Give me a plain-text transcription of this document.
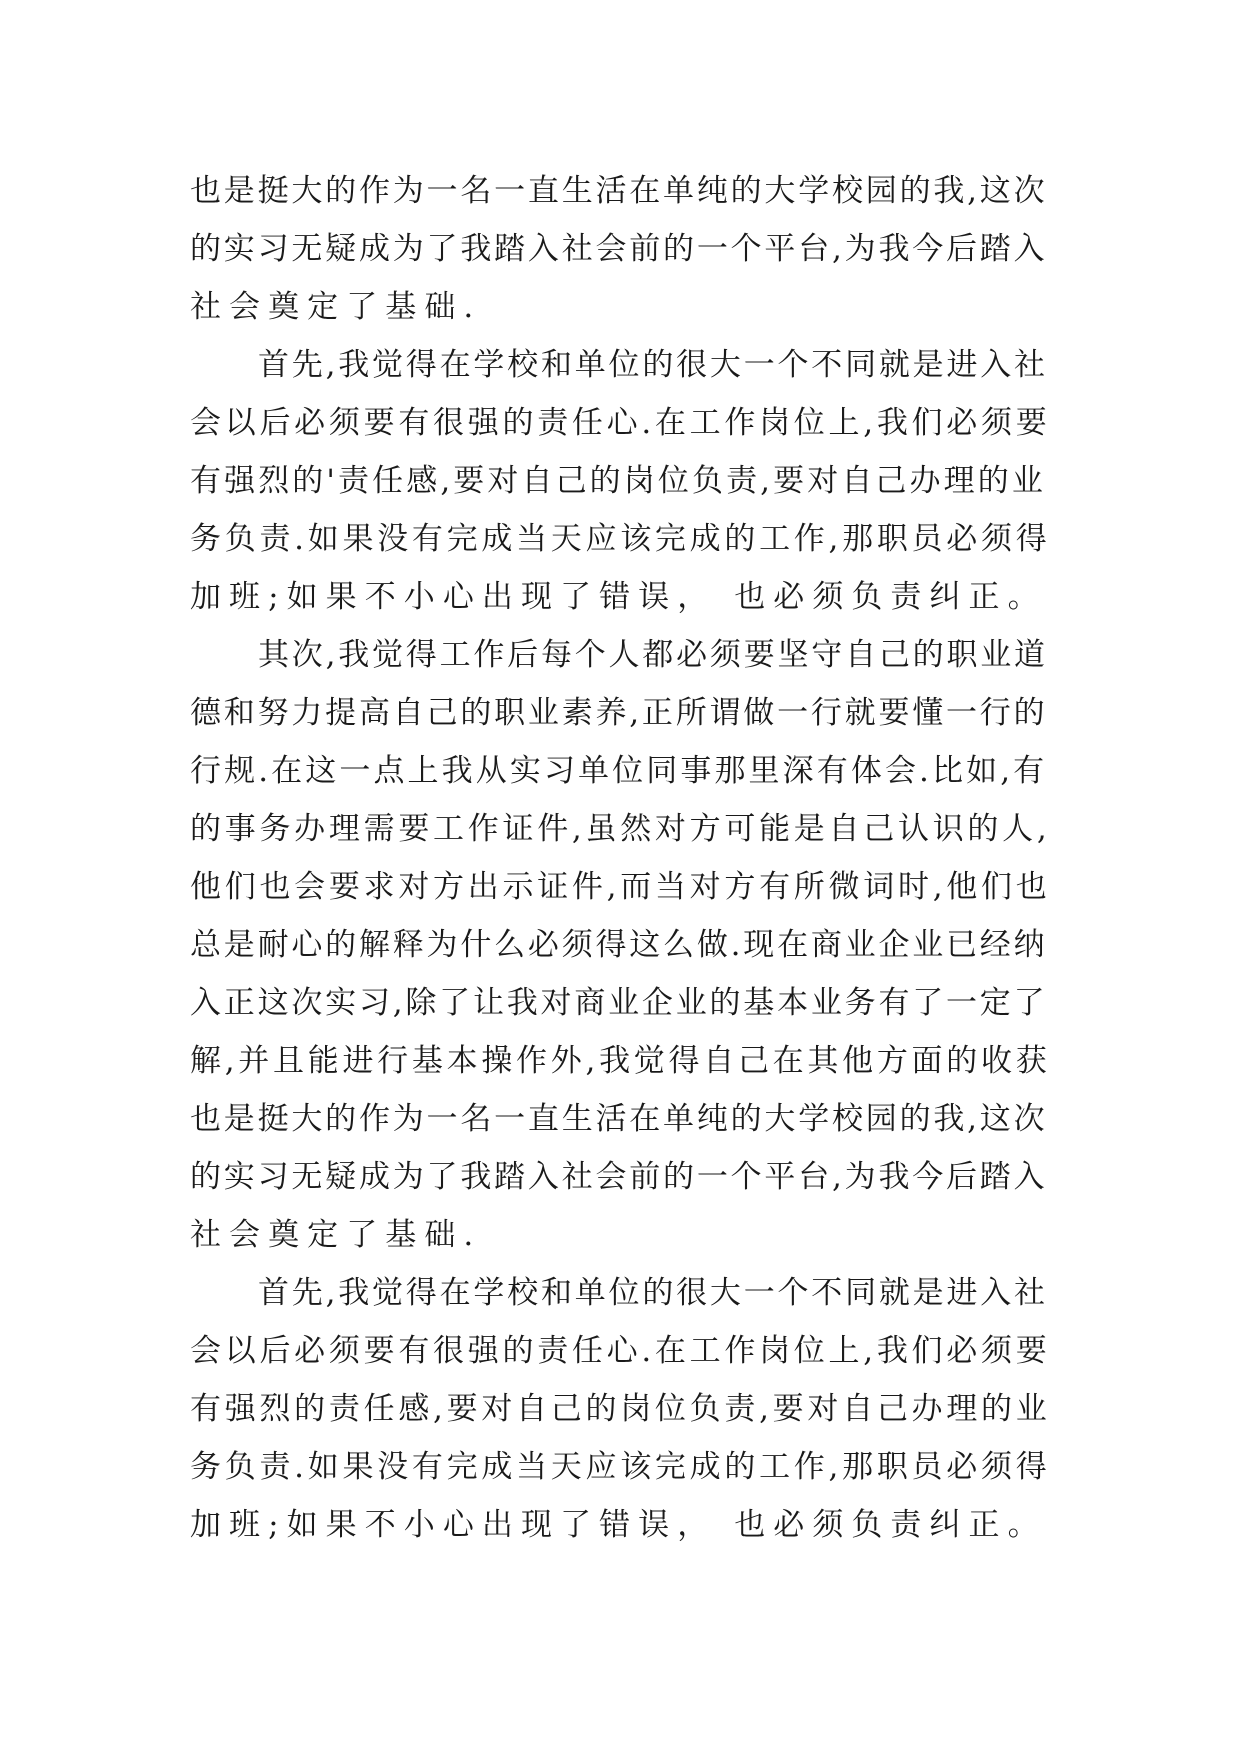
也是挺大的作为一名一直生活在单纯的大学校园的我,这次
的实习无疑成为了我踏入社会前的一个平台,为我今后踏入
社会奠定了基础.
首先,我觉得在学校和单位的很大一个不同就是进入社
会以后必须要有很强的责任心.在工作岗位上,我们必须要
有强烈的'责任感,要对自己的岗位负责,要对自己办理的业
务负责.如果没有完成当天应该完成的工作,那职员必须得
加班;如果不小心出现了错误， 也必须负责纠正。
其次,我觉得工作后每个人都必须要坚守自己的职业道
德和努力提高自己的职业素养,正所谓做一行就要懂一行的
行规.在这一点上我从实习单位同事那里深有体会.比如,有
的事务办理需要工作证件,虽然对方可能是自己认识的人,
他们也会要求对方出示证件,而当对方有所微词时,他们也
总是耐心的解释为什么必须得这么做.现在商业企业已经纳
入正这次实习,除了让我对商业企业的基本业务有了一定了
解,并且能进行基本操作外,我觉得自己在其他方面的收获
也是挺大的作为一名一直生活在单纯的大学校园的我,这次
的实习无疑成为了我踏入社会前的一个平台,为我今后踏入
社会奠定了基础.
首先,我觉得在学校和单位的很大一个不同就是进入社
会以后必须要有很强的责任心.在工作岗位上,我们必须要
有强烈的责任感,要对自己的岗位负责,要对自己办理的业
务负责.如果没有完成当天应该完成的工作,那职员必须得
加班;如果不小心出现了错误， 也必须负责纠正。
